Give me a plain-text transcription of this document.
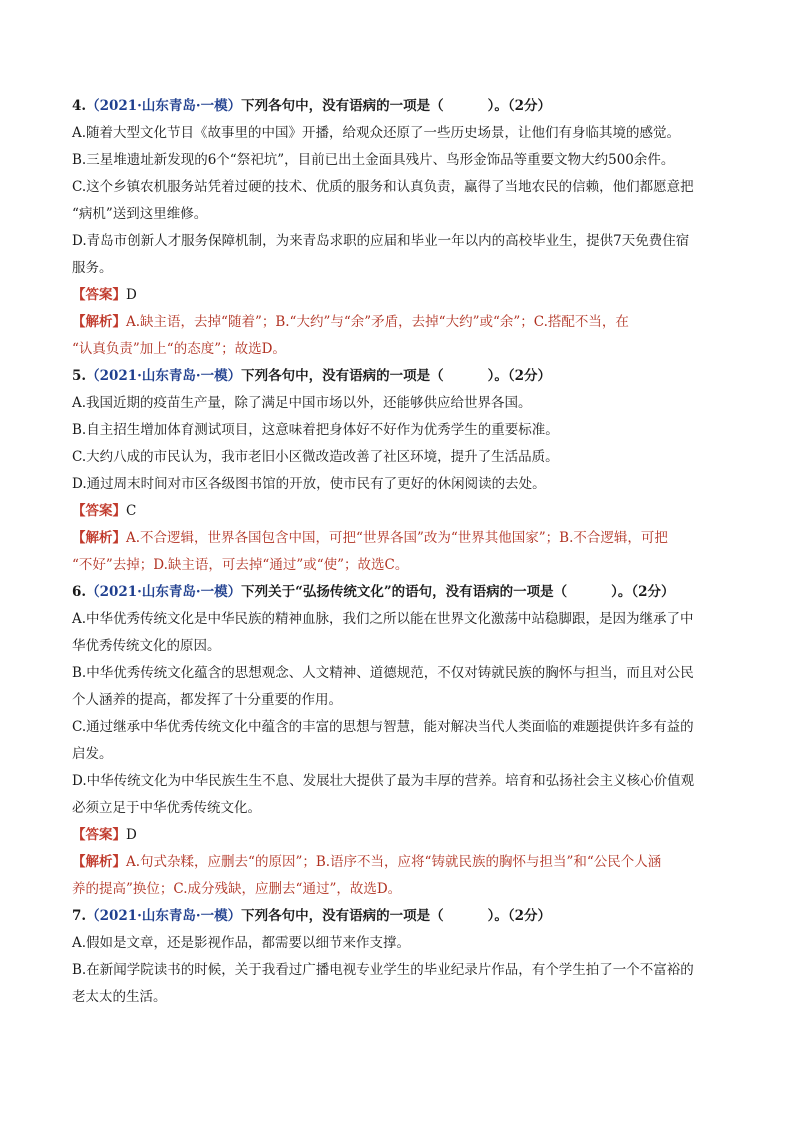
4.（2021·山东青岛·一模）下列各句中，没有语病的一项是（	）。（2分）

A.随着大型文化节目《故事里的中国》开播，给观众还原了一些历史场景，让他们有身临其境的感觉。

B.三星堆遗址新发现的6个“祭祀坑”，目前已出土金面具残片、鸟形金饰品等重要文物大约500余件。

C.这个乡镇农机服务站凭着过硬的技术、优质的服务和认真负责，赢得了当地农民的信赖，他们都愿意把

“病机”送到这里维修。

D.青岛市创新人才服务保障机制，为来青岛求职的应届和毕业一年以内的高校毕业生，提供7天免费住宿

服务。

【答案】D

【解析】A.缺主语，去掉“随着”；B.“大约”与“余”矛盾，去掉“大约”或“余”；C.搭配不当，在

“认真负责”加上“的态度”；故选D。

5.（2021·山东青岛·一模）下列各句中，没有语病的一项是（	）。（2分）

A.我国近期的疫苗生产量，除了满足中国市场以外，还能够供应给世界各国。

B.自主招生增加体育测试项目，这意味着把身体好不好作为优秀学生的重要标准。

C.大约八成的市民认为，我市老旧小区微改造改善了社区环境，提升了生活品质。

D.通过周末时间对市区各级图书馆的开放，使市民有了更好的休闲阅读的去处。

【答案】C

【解析】A.不合逻辑，世界各国包含中国，可把“世界各国”改为“世界其他国家”；B.不合逻辑，可把

“不好”去掉；D.缺主语，可去掉“通过”或“使”；故选C。

6.（2021·山东青岛·一模）下列关于“弘扬传统文化”的语句，没有语病的一项是（	）。（2分）

A.中华优秀传统文化是中华民族的精神血脉，我们之所以能在世界文化激荡中站稳脚跟，是因为继承了中

华优秀传统文化的原因。

B.中华优秀传统文化蕴含的思想观念、人文精神、道德规范，不仅对铸就民族的胸怀与担当，而且对公民

个人涵养的提高，都发挥了十分重要的作用。

C.通过继承中华优秀传统文化中蕴含的丰富的思想与智慧，能对解决当代人类面临的难题提供许多有益的

启发。

D.中华传统文化为中华民族生生不息、发展壮大提供了最为丰厚的营养。培育和弘扬社会主义核心价值观

必须立足于中华优秀传统文化。

【答案】D

【解析】A.句式杂糅，应删去“的原因”；B.语序不当，应将“铸就民族的胸怀与担当”和“公民个人涵

养的提高”换位；C.成分残缺，应删去“通过”，故选D。

7.（2021·山东青岛·一模）下列各句中，没有语病的一项是（	）。（2分）

A.假如是文章，还是影视作品，都需要以细节来作支撑。

B.在新闻学院读书的时候，关于我看过广播电视专业学生的毕业纪录片作品，有个学生拍了一个不富裕的

老太太的生活。
